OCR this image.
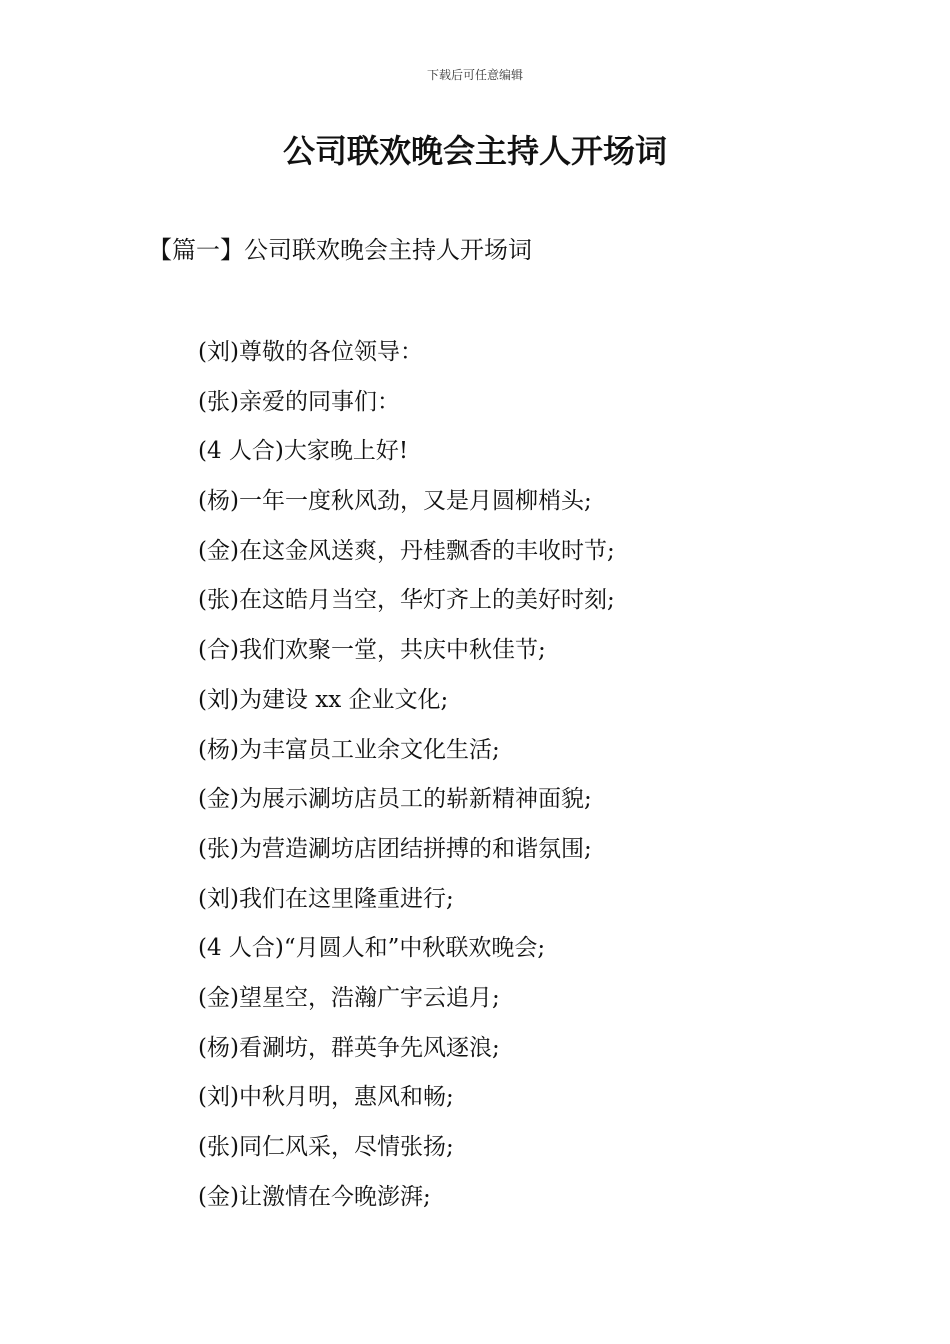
下载后可任意编辑
公司联欢晚会主持人开场词
【篇一】公司联欢晚会主持人开场词
(刘)尊敬的各位领导：
(张)亲爱的同事们：
(4 人合)大家晚上好!
(杨)一年一度秋风劲，又是月圆柳梢头;
(金)在这金风送爽，丹桂飘香的丰收时节;
(张)在这皓月当空，华灯齐上的美好时刻;
(合)我们欢聚一堂，共庆中秋佳节;
(刘)为建设 xx 企业文化;
(杨)为丰富员工业余文化生活;
(金)为展示涮坊店员工的崭新精神面貌;
(张)为营造涮坊店团结拼搏的和谐氛围;
(刘)我们在这里隆重进行;
(4 人合)“月圆人和”中秋联欢晚会;
(金)望星空，浩瀚广宇云追月;
(杨)看涮坊，群英争先风逐浪;
(刘)中秋月明，惠风和畅;
(张)同仁风采，尽情张扬;
(金)让激情在今晚澎湃;
